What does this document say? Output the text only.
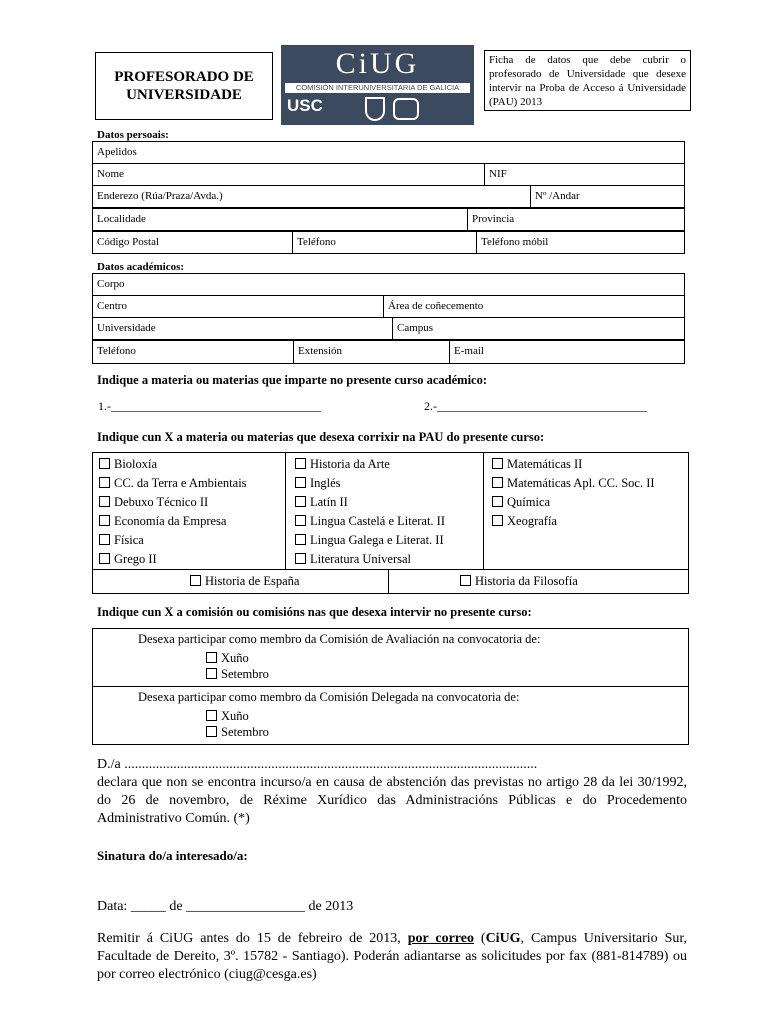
PROFESORADO DE
UNIVERSIDADE
CiUG
COMISIÓN INTERUNIVERSITARIA DE GALICIA
USC
Ficha de datos que debe cubrir o profesorado de Universidade que desexe intervir na Proba de Acceso á Universidade (PAU) 2013
Datos persoais:
Apelidos
Nome	NIF
Enderezo (Rúa/Praza/Avda.)	Nº /Andar
Localidade	Provincia
Código Postal	Teléfono	Teléfono móbil
Datos académicos:
Corpo
Centro	Área de coñecemento
Universidade	Campus
Teléfono	Extensión	E-mail
Indique a materia ou materias que imparte no presente curso académico:
1.-___________________________________	2.-___________________________________
Indique cun X a materia ou materias que desexa corrixir na PAU do presente curso:
Bioloxía
CC. da Terra e Ambientais
Debuxo Técnico II
Economía da Empresa
Física
Grego II
Historia da Arte
Inglés
Latín II
Lingua Castelá e Literat. II
Lingua Galega e Literat. II
Literatura Universal
Matemáticas II
Matemáticas Apl. CC. Soc. II
Química
Xeografía
Historia de España	Historia da Filosofía
Indique cun X a comisión ou comisións nas que desexa intervir no presente curso:
Desexa participar como membro da Comisión de Avaliación na convocatoria de:
Xuño
Setembro
Desexa participar como membro da Comisión Delegada na convocatoria de:
Xuño
Setembro
D./a ......................................................................................................................
declara que non se encontra incurso/a en causa de abstención das previstas no artigo 28 da lei 30/1992, do 26 de novembro, de Réxime Xurídico das Administracións Públicas e do Procedemento Administrativo Común. (*)
Sinatura do/a interesado/a:
Data: _____ de _________________ de 2013
Remitir á CiUG antes do 15 de febreiro de 2013, por correo (CiUG, Campus Universitario Sur, Facultade de Dereito, 3º. 15782 - Santiago). Poderán adiantarse as solicitudes por fax (881-814789) ou por correo electrónico (ciug@cesga.es)
